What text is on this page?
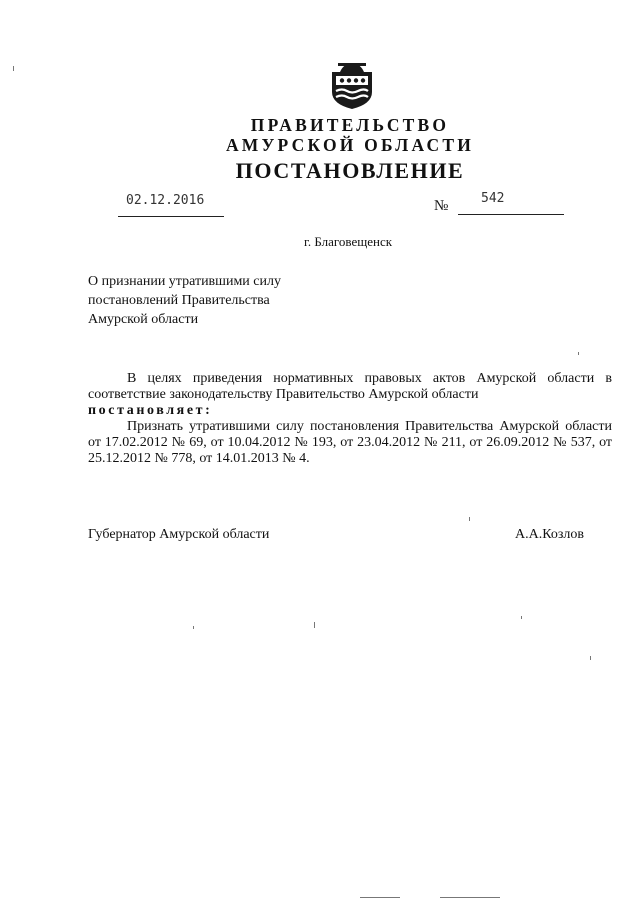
ПРАВИТЕЛЬСТВО
АМУРСКОЙ ОБЛАСТИ
ПОСТАНОВЛЕНИЕ
02.12.2016	№	542
г. Благовещенск
О признании утратившими силу постановлений Правительства Амурской области

В целях приведения нормативных правовых актов Амурской области в соответствие законодательству Правительство Амурской области

постановляет:

Признать утратившими силу постановления Правительства Амурской области от 17.02.2012 № 69, от 10.04.2012 № 193, от 23.04.2012 № 211, от 26.09.2012 № 537, от 25.12.2012 № 778, от 14.01.2013 № 4.

Губернатор Амурской области	А.А.Козлов
